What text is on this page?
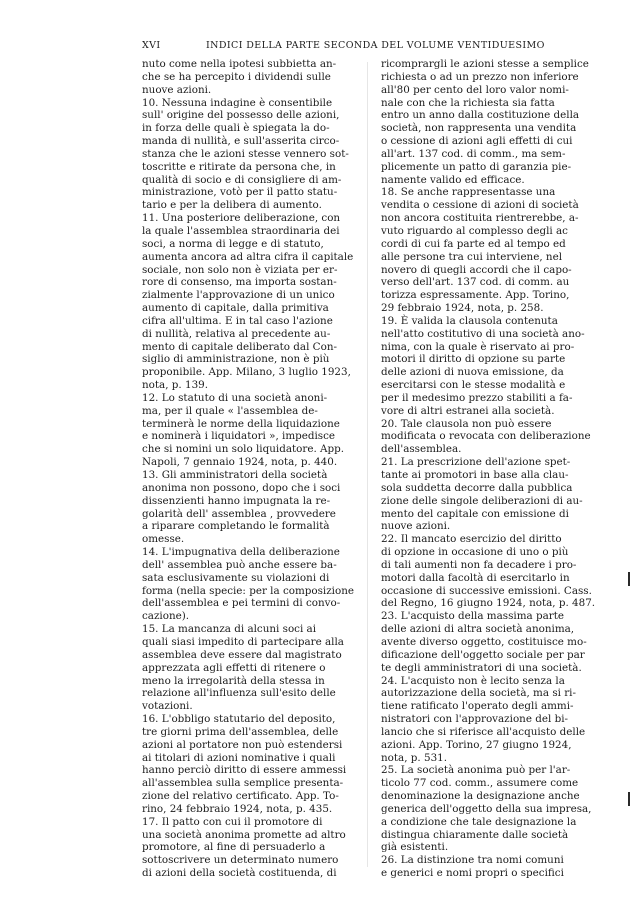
XVI	INDICI DELLA PARTE SECONDA DEL VOLUME VENTIDUESIMO
nuto come nella ipotesi subbietta an-
che se ha percepito i dividendi sulle
nuove azioni.
10. Nessuna indagine è consentibile
sull' origine del possesso delle azioni,
in forza delle quali è spiegata la do-
manda di nullità, e sull'asserita circo-
stanza che le azioni stesse vennero sot-
toscritte e ritirate da persona che, in
qualità di socio e di consigliere di am-
ministrazione, votò per il patto statu-
tario e per la delibera di aumento.
11. Una posteriore deliberazione, con
la quale l'assemblea straordinaria dei
soci, a norma di legge e di statuto,
aumenta ancora ad altra cifra il capitale
sociale, non solo non è viziata per er-
rore di consenso, ma importa sostan-
zialmente l'approvazione di un unico
aumento di capitale, dalla primitiva
cifra all'ultima. E in tal caso l'azione
di nullità, relativa al precedente au-
mento di capitale deliberato dal Con-
siglio di amministrazione, non è più
proponibile. App. Milano, 3 luglio 1923,
nota, p. 139.
12. Lo statuto di una società anoni-
ma, per il quale « l'assemblea de-
terminerà le norme della liquidazione
e nominerà i liquidatori », impedisce
che si nomini un solo liquidatore. App.
Napoli, 7 gennaio 1924, nota, p. 440.
13. Gli amministratori della società
anonima non possono, dopo che i soci
dissenzienti hanno impugnata la re-
golarità dell' assemblea , provvedere
a riparare completando le formalità
omesse.
14. L'impugnativa della deliberazione
dell' assemblea può anche essere ba-
sata esclusivamente su violazioni di
forma (nella specie: per la composizione
dell'assemblea e pei termini di convo-
cazione).
15. La mancanza di alcuni soci ai
quali siasi impedito di partecipare alla
assemblea deve essere dal magistrato
apprezzata agli effetti di ritenere o
meno la irregolarità della stessa in
relazione all'influenza sull'esito delle
votazioni.
16. L'obbligo statutario del deposito,
tre giorni prima dell'assemblea, delle
azioni al portatore non può estendersi
ai titolari di azioni nominative i quali
hanno perciò diritto di essere ammessi
all'assemblea sulla semplice presenta-
zione del relativo certificato. App. To-
rino, 24 febbraio 1924, nota, p. 435.
17. Il patto con cui il promotore di
una società anonima promette ad altro
promotore, al fine di persuaderlo a
sottoscrivere un determinato numero
di azioni della società costituenda, di
ricomprargli le azioni stesse a semplice
richiesta o ad un prezzo non inferiore
all'80 per cento del loro valor nomi-
nale con che la richiesta sia fatta
entro un anno dalla costituzione della
società, non rappresenta una vendita
o cessione di azioni agli effetti di cui
all'art. 137 cod. di comm., ma sem-
plicemente un patto di garanzia pie-
namente valido ed efficace.
18. Se anche rappresentasse una
vendita o cessione di azioni di società
non ancora costituita rientrerebbe, a-
vuto riguardo al complesso degli ac
cordi di cui fa parte ed al tempo ed
alle persone tra cui interviene, nel
novero di quegli accordi che il capo-
verso dell'art. 137 cod. di comm. au
torizza espressamente. App. Torino,
29 febbraio 1924, nota, p. 258.
19. È valida la clausola contenuta
nell'atto costitutivo di una società ano-
nima, con la quale è riservato ai pro-
motori il diritto di opzione su parte
delle azioni di nuova emissione, da
esercitarsi con le stesse modalità e
per il medesimo prezzo stabiliti a fa-
vore di altri estranei alla società.
20. Tale clausola non può essere
modificata o revocata con deliberazione
dell'assemblea.
21. La prescrizione dell'azione spet-
tante ai promotori in base alla clau-
sola suddetta decorre dalla pubblica
zione delle singole deliberazioni di au-
mento del capitale con emissione di
nuove azioni.
22. Il mancato esercizio del diritto
di opzione in occasione di uno o più
di tali aumenti non fa decadere i pro-
motori dalla facoltà di esercitarlo in
occasione di successive emissioni. Cass.
del Regno, 16 giugno 1924, nota, p. 487.
23. L'acquisto della massima parte
delle azioni di altra società anonima,
avente diverso oggetto, costituisce mo-
dificazione dell'oggetto sociale per par
te degli amministratori di una società.
24. L'acquisto non è lecito senza la
autorizzazione della società, ma si ri-
tiene ratificato l'operato degli ammi-
nistratori con l'approvazione del bi-
lancio che si riferisce all'acquisto delle
azioni. App. Torino, 27 giugno 1924,
nota, p. 531.
25. La società anonima può per l'ar-
ticolo 77 cod. comm., assumere come
denominazione la designazione anche
generica dell'oggetto della sua impresa,
a condizione che tale designazione la
distingua chiaramente dalle società
già esistenti.
26. La distinzione tra nomi comuni
e generici e nomi propri o specifici
